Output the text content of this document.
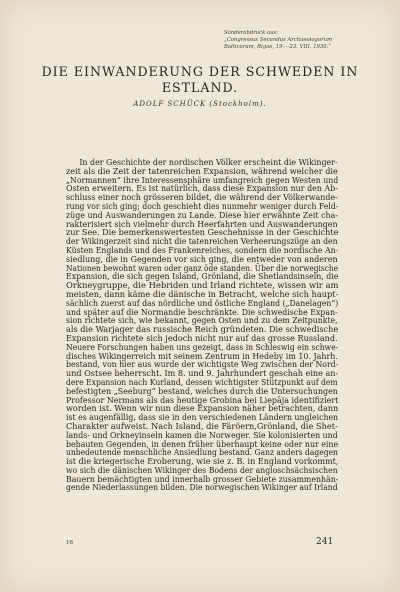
Sonderabdruck aus:
„Congressus Secundus Archaeologorum
Balticorum, Rigae, 19.—23. VIII. 1930.“
DIE EINWANDERUNG DER SCHWEDEN IN
ESTLAND.
ADOLF SCHÜCK (Stockholm).
In der Geschichte der nordischen Völker erscheint die Wikinger-
zeit als die Zeit der tatenreichen Expansion, während welcher die
„Normannen“ ihre Interessensphäre umfangreich gegen Westen und
Osten erweitern. Es ist natürlich, dass diese Expansion nur den Ab-
schluss einer noch grösseren bildet, die während der Völkerwande-
rung vor sich ging; doch geschieht dies nunmehr weniger durch Feld-
züge und Auswanderungen zu Lande. Diese hier erwähnte Zeit cha-
rakterisiert sich vielmehr durch Heerfahrten und Auswanderungen
zur See. Die bemerkenswertesten Geschehnisse in der Geschichte
der Wikingerzeit sind nicht die tatenreichen Verheerungszüge an den
Küsten Englands und des Frankenreiches, sondern die nordische An-
siedlung, die in Gegenden vor sich ging, die entweder von anderen
Nationen bewohnt waren oder ganz öde standen. Über die norwegische
Expansion, die sich gegen Island, Grönland, die Shetlandsinseln, die
Orkneygruppe, die Hebriden und Irland richtete, wissen wir am
meisten, dann käme die dänische in Betracht, welche sich haupt-
sächlich zuerst auf das nördliche und östliche England („Danelagen“)
und später auf die Normandie beschränkte. Die schwedische Expan-
sion richtete sich, wie bekannt, gegen Osten und zu dem Zeitpunkte,
als die Warjager das russische Reich gründeten. Die schwedische
Expansion richtete sich jedoch nicht nur auf das grosse Russland.
Neuere Forschungen haben uns gezeigt, dass in Schleswig ein schwe-
disches Wikingerreich mit seinem Zentrum in Hedeby im 10. Jahrh.
bestand, von hier aus wurde der wichtigste Weg zwischen der Nord-
und Ostsee beherrscht. Im 8. und 9. Jahrhundert geschah eine an-
dere Expansion nach Kurland, dessen wichtigster Stützpunkt auf dem
befestigten „Seeburg“ bestand, welches durch die Untersuchungen
Professor Nermans als das heutige Grobina bei Liepāja identifiziert
worden ist. Wenn wir nun diese Expansion näher betrachten, dann
ist es augenfällig, dass sie in den verschiedenen Ländern ungleichen
Charakter aufweist. Nach Island, die Färöern,Grönland, die Shet-
lands- und Orkneyinseln kamen die Norweger. Sie kolonisierten und
bebauten Gegenden, in denen früher überhaupt keine oder nur eine
unbedeutende menschliche Ansiedlung bestand. Ganz anders dagegen
ist die kriegerische Eroberung, wie sie z. B. in England vorkommt,
wo sich die dänischen Wikinger des Bodens der angloschsächsischen
Bauern bemächtigten und innerhalb grosser Gebiete zusammenhän-
gende Niederlassungen bilden. Die norwegischen Wikinger auf Irland
16	241
